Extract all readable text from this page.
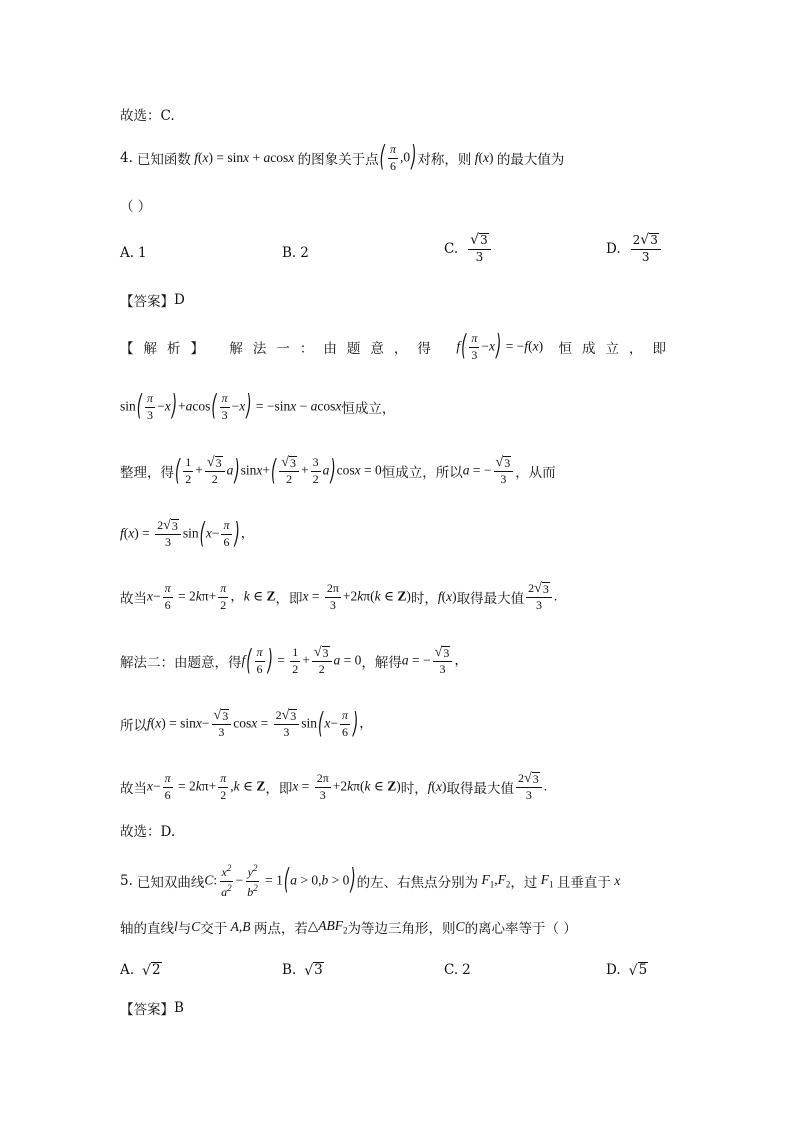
故选：C.
4. 已知函数 f(x) = sinx + acosx 的图象关于点 ( $\frac{\pi}{6} ,0$) 对称，则 f(x) 的最大值为
（ ）
A. 1	B. 2	C. $\frac{√ 3}{3}$	D. $\frac{2 √ 3}{3}$
【答案】 D
【解析】 解法一：由题意，得 $f( \frac{\pi}{3} -x) = -f(x)$ 恒成立，即
$\sin( \frac{\pi}{3} -x)+acos( \frac{\pi}{3} -x) = -\sin x - acosx$ 恒成立，
整理，得 ( $\frac{1}{2} + \frac{√ 3}{2} a)\sin x+( \frac{√ 3}{2} + \frac{3}{2} a)\cos x = 0$ 恒成立，所以 a = − $\frac{√ 3}{3}$ ，从而
$f(x) = \frac{2 √ 3}{3} \sin(x- \frac{\pi}{6}$ )，
故当 $x- \frac{\pi}{6} = 2k\pi+ \frac{\pi}{2}$ ，k ∈ Z ，即 $x = \frac{2\pi}{3} +2k\pi(k$ ∈ Z) 时， f(x) 取得最大值 $\frac{2 √ 3}{3}$ .
解法二：由题意，得 $f( \frac{\pi}{6}$ ) = $\frac{1}{2} + \frac{√ 3}{2}$ a = 0 ，解得 a = − $\frac{√ 3}{3}$ ，
所以 $f(x) = \sin x- \frac{√ 3}{3}$ $\cos x = \frac{2 √ 3}{3} \sin(x- \frac{\pi}{6}$ )，
故当 $x- \frac{\pi}{6} = 2k\pi+ \frac{\pi}{2} ,k$ ∈ Z ，即 $x = \frac{2\pi}{3} +2k\pi(k$ ∈ Z) 时， f(x) 取得最大值 $\frac{2 √ 3}{3}$ .
故选：D.
5. 已知双曲线 C: $\frac{x^2}{a^2} - \frac{y^2}{b^2} = 1(a > 0,b > 0)$ 的左、右焦点分别为 $F_1,F_2$ ，过 $F_1$ 且垂直于 x
轴的直线 l 与 C 交于 A,B 两点，若 $\triangle ABF_2$ 为等边三角形，则 C 的离心率等于（ ）
A. √ 2	B. √ 3	C. 2	D. √ 5
【答案】 B
